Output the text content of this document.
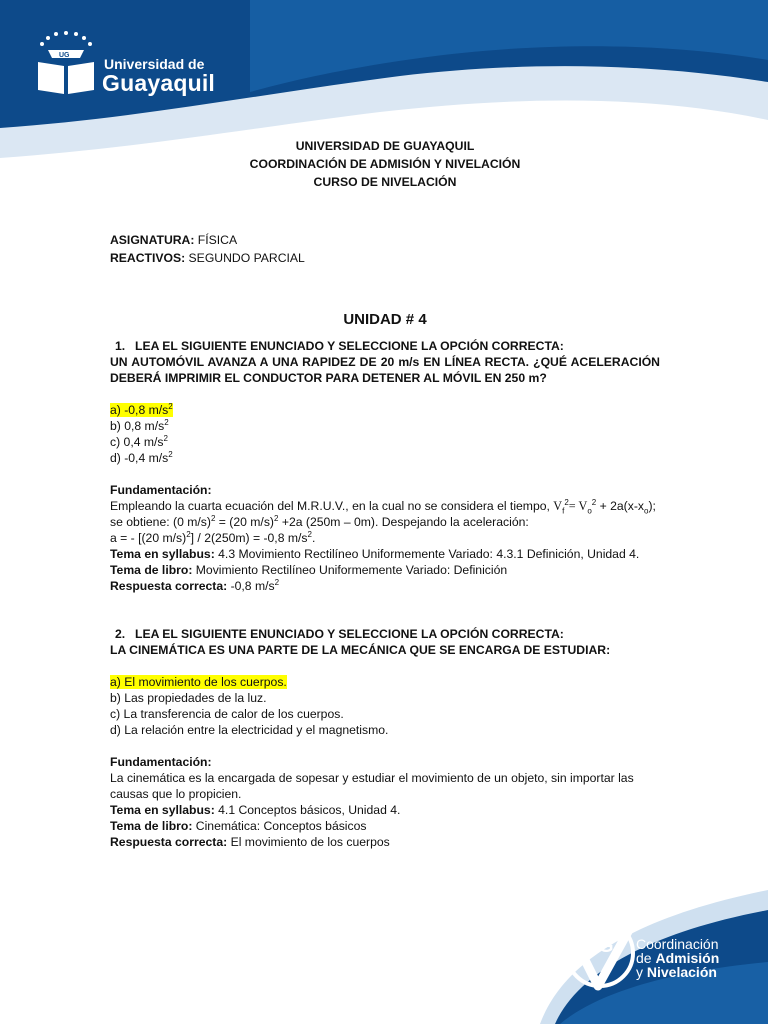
UG
Universidad de
Guayaquil

UNIVERSIDAD DE GUAYAQUIL

COORDINACIÓN DE ADMISIÓN Y NIVELACIÓN

CURSO DE NIVELACIÓN

ASIGNATURA: FÍSICA

REACTIVOS: SEGUNDO PARCIAL

UNIDAD # 4

1. LEA EL SIGUIENTE ENUNCIADO Y SELECCIONE LA OPCIÓN CORRECTA:

UN AUTOMÓVIL AVANZA A UNA RAPIDEZ DE 20 m/s EN LÍNEA RECTA. ¿QUÉ ACELERACIÓN DEBERÁ IMPRIMIR EL CONDUCTOR PARA DETENER AL MÓVIL EN 250 m?

a) -0,8 $m/s^2$

b) 0,8 $m/s^2$

c) 0,4 $m/s^2$

d) -0,4 $m/s^2$

Fundamentación:

Empleando la cuarta ecuación del M.R.U.V., en la cual no se considera el tiempo, $V_f^2= V_o^2 + 2a(x-x_o)$; se obtiene: (0 m/s)$^2$ = (20 m/s)$^2$ +2a (250m – 0m). Despejando la aceleración:

a = - [(20 m/s)$^2$] / 2(250m) = -0,8 $m/s^2$.

Tema en syllabus: 4.3 Movimiento Rectilíneo Uniformemente Variado: 4.3.1 Definición, Unidad 4.

Tema de libro: Movimiento Rectilíneo Uniformemente Variado: Definición

Respuesta correcta: -0,8 $m/s^2$

2. LEA EL SIGUIENTE ENUNCIADO Y SELECCIONE LA OPCIÓN CORRECTA:

LA CINEMÁTICA ES UNA PARTE DE LA MECÁNICA QUE SE ENCARGA DE ESTUDIAR:

a) El movimiento de los cuerpos.

b) Las propiedades de la luz.

c) La transferencia de calor de los cuerpos.

d) La relación entre la electricidad y el magnetismo.

Fundamentación:

La cinemática es la encargada de sopesar y estudiar el movimiento de un objeto, sin importar las causas que lo propicien.

Tema en syllabus: 4.1 Conceptos básicos, Unidad 4.

Tema de libro: Cinemática: Conceptos básicos

Respuesta correcta: El movimiento de los cuerpos

UG Coordinación
de Admisión
y Nivelación
